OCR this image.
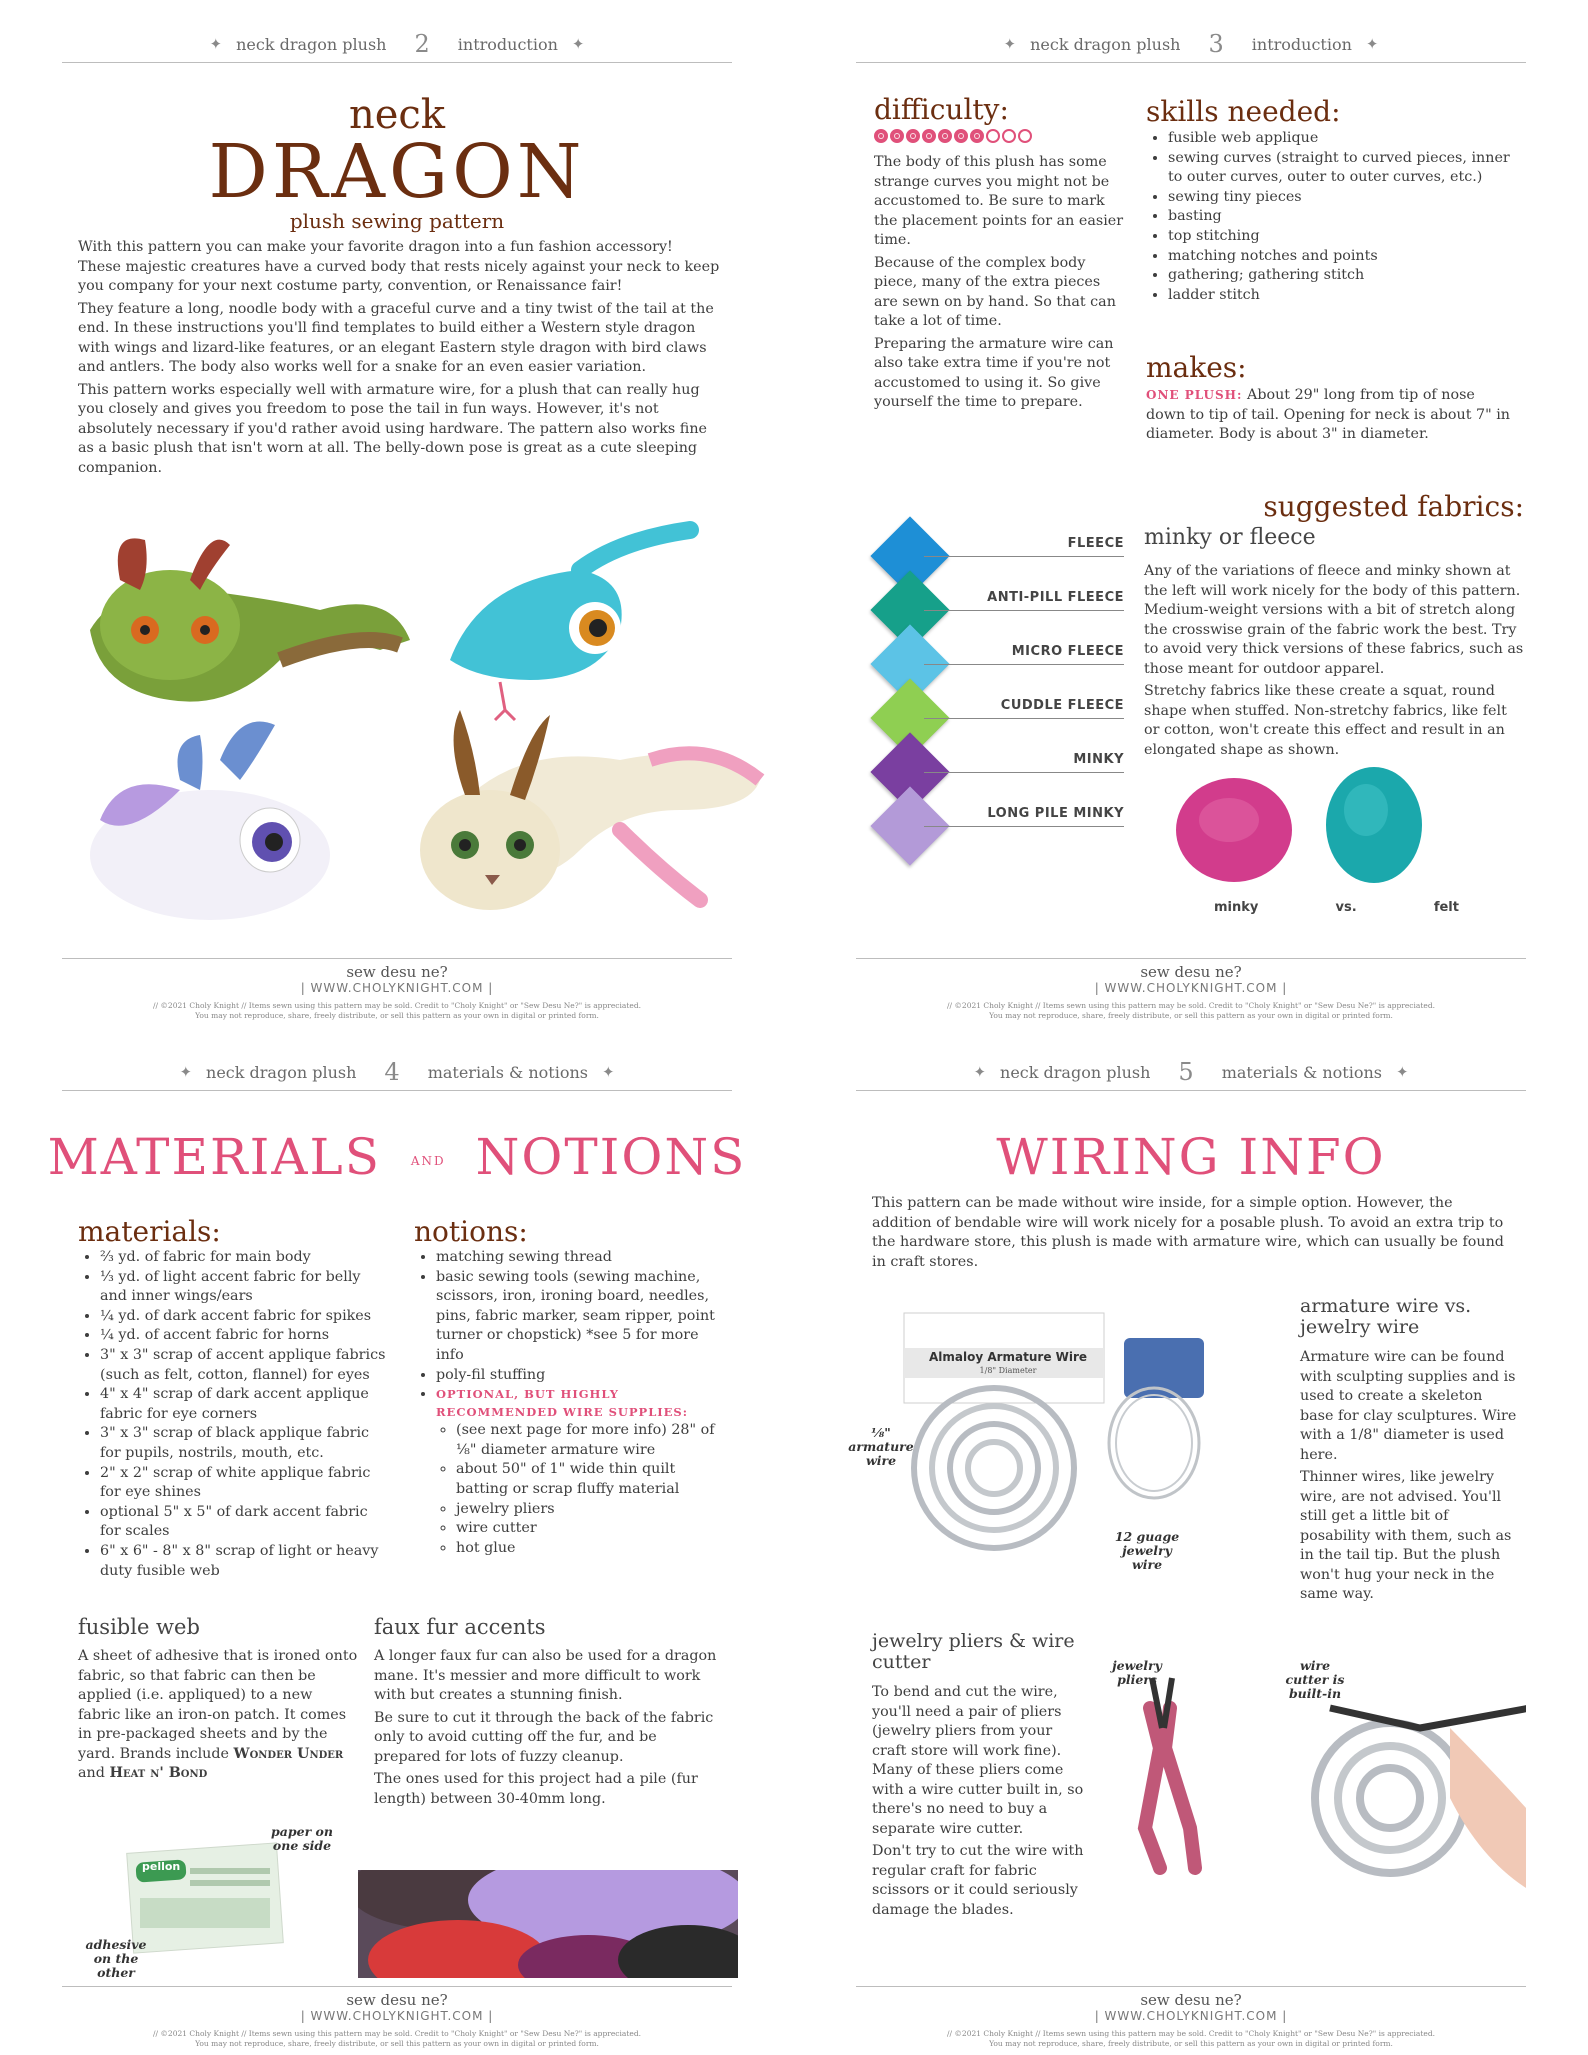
✦ neck dragon plush 2 introduction ✦
neck
DRAGON
plush sewing pattern

With this pattern you can make your favorite dragon into a fun fashion accessory! These majestic creatures have a curved body that rests nicely against your neck to keep you company for your next costume party, convention, or Renaissance fair!

They feature a long, noodle body with a graceful curve and a tiny twist of the tail at the end. In these instructions you'll find templates to build either a Western style dragon with wings and lizard-like features, or an elegant Eastern style dragon with bird claws and antlers. The body also works well for a snake for an even easier variation.

This pattern works especially well with armature wire, for a plush that can really hug you closely and gives you freedom to pose the tail in fun ways. However, it's not absolutely necessary if you'd rather avoid using hardware. The pattern also works fine as a basic plush that isn't worn at all. The belly-down pose is great as a cute sleeping companion.

sew desu ne?
| WWW.CHOLYKNIGHT.COM |
// ©2021 Choly Knight // Items sewn using this pattern may be sold. Credit to "Choly Knight" or "Sew Desu Ne?" is appreciated.
You may not reproduce, share, freely distribute, or sell this pattern as your own in digital or printed form.
✦ neck dragon plush 3 introduction ✦
difficulty:

The body of this plush has some strange curves you might not be accustomed to. Be sure to mark the placement points for an easier time.

Because of the complex body piece, many of the extra pieces are sewn on by hand. So that can take a lot of time.

Preparing the armature wire can also take extra time if you're not accustomed to using it. So give yourself the time to prepare.

skills needed:
• fusible web applique
• sewing curves (straight to curved pieces, inner to outer curves, outer to outer curves, etc.)
• sewing tiny pieces
• basting
• top stitching
• matching notches and points
• gathering; gathering stitch
• ladder stitch
makes:
ONE PLUSH: About 29" long from tip of nose down to tip of tail. Opening for neck is about 7" in diameter. Body is about 3" in diameter.
suggested fabrics:
minky or fleece
FLEECE
ANTI-PILL FLEECE
MICRO FLEECE
CUDDLE FLEECE
MINKY
LONG PILE MINKY

Any of the variations of fleece and minky shown at the left will work nicely for the body of this pattern. Medium-weight versions with a bit of stretch along the crosswise grain of the fabric work the best. Try to avoid very thick versions of these fabrics, such as those meant for outdoor apparel.

Stretchy fabrics like these create a squat, round shape when stuffed. Non-stretchy fabrics, like felt or cotton, won't create this effect and result in an elongated shape as shown.

minky	vs.	felt
sew desu ne?
| WWW.CHOLYKNIGHT.COM |
// ©2021 Choly Knight // Items sewn using this pattern may be sold. Credit to "Choly Knight" or "Sew Desu Ne?" is appreciated.
You may not reproduce, share, freely distribute, or sell this pattern as your own in digital or printed form.
✦ neck dragon plush 4 materials & notions ✦
MATERIALS AND NOTIONS
materials:
• ⅔ yd. of fabric for main body
• ⅓ yd. of light accent fabric for belly and inner wings/ears
• ¼ yd. of dark accent fabric for spikes
• ¼ yd. of accent fabric for horns
• 3" x 3" scrap of accent applique fabrics (such as felt, cotton, flannel) for eyes
• 4" x 4" scrap of dark accent applique fabric for eye corners
• 3" x 3" scrap of black applique fabric for pupils, nostrils, mouth, etc.
• 2" x 2" scrap of white applique fabric for eye shines
• optional 5" x 5" of dark accent fabric for scales
• 6" x 6" - 8" x 8" scrap of light or heavy duty fusible web
notions:
• matching sewing thread
• basic sewing tools (sewing machine, scissors, iron, ironing board, needles, pins, fabric marker, seam ripper, point turner or chopstick) *see 5 for more info
• poly-fil stuffing
• OPTIONAL, BUT HIGHLY RECOMMENDED WIRE SUPPLIES:
◦ (see next page for more info) 28" of ⅛" diameter armature wire
◦ about 50" of 1" wide thin quilt batting or scrap fluffy material
◦ jewelry pliers
◦ wire cutter
◦ hot glue
fusible web
A sheet of adhesive that is ironed onto fabric, so that fabric can then be applied (i.e. appliqued) to a new fabric like an iron-on patch. It comes in pre-packaged sheets and by the yard. Brands include Wonder Under and Heat n' Bond
faux fur accents

A longer faux fur can also be used for a dragon mane. It's messier and more difficult to work with but creates a stunning finish.

Be sure to cut it through the back of the fabric only to avoid cutting off the fur, and be prepared for lots of fuzzy cleanup.

The ones used for this project had a pile (fur length) between 30-40mm long.

paper on one side
adhesive on the other
pellon
sew desu ne?
| WWW.CHOLYKNIGHT.COM |
// ©2021 Choly Knight // Items sewn using this pattern may be sold. Credit to "Choly Knight" or "Sew Desu Ne?" is appreciated.
You may not reproduce, share, freely distribute, or sell this pattern as your own in digital or printed form.
✦ neck dragon plush 5 materials & notions ✦
WIRING INFO
This pattern can be made without wire inside, for a simple option. However, the addition of bendable wire will work nicely for a posable plush. To avoid an extra trip to the hardware store, this plush is made with armature wire, which can usually be found in craft stores.
Almaloy Armature Wire
1/8" Diameter
⅛" armature wire
12 guage jewelry wire
armature wire vs. jewelry wire

Armature wire can be found with sculpting supplies and is used to create a skeleton base for clay sculptures. Wire with a 1/8" diameter is used here.

Thinner wires, like jewelry wire, are not advised. You'll still get a little bit of posability with them, such as in the tail tip. But the plush won't hug your neck in the same way.

jewelry pliers & wire cutter

To bend and cut the wire, you'll need a pair of pliers (jewelry pliers from your craft store will work fine). Many of these pliers come with a wire cutter built in, so there's no need to buy a separate wire cutter.

Don't try to cut the wire with regular craft for fabric scissors or it could seriously damage the blades.

jewelry pliers
wire cutter is built-in
sew desu ne?
| WWW.CHOLYKNIGHT.COM |
// ©2021 Choly Knight // Items sewn using this pattern may be sold. Credit to "Choly Knight" or "Sew Desu Ne?" is appreciated.
You may not reproduce, share, freely distribute, or sell this pattern as your own in digital or printed form.
